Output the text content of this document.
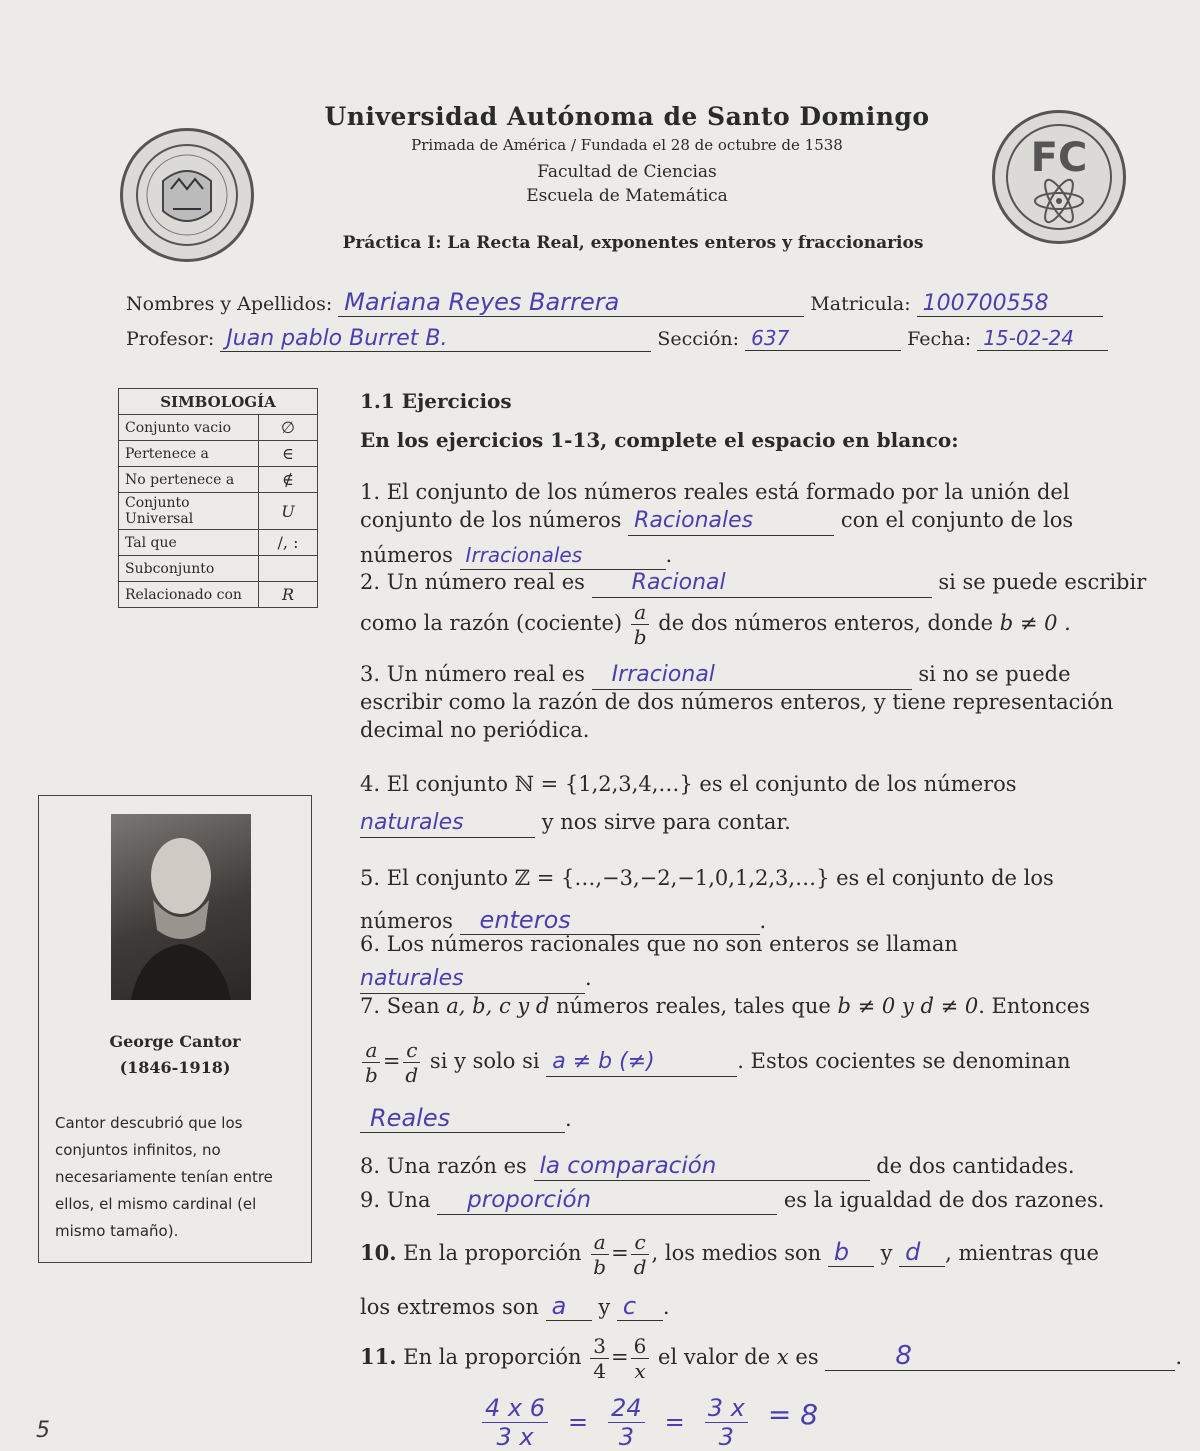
FC
Universidad Autónoma de Santo Domingo
Primada de América / Fundada el 28 de octubre de 1538
Facultad de Ciencias
Escuela de Matemática
Práctica I: La Recta Real, exponentes enteros y fraccionarios
Nombres y Apellidos: Mariana Reyes Barrera	Matricula: 100700558
Profesor: Juan pablo Burret B.	Sección: 637	Fecha: 15-02-24
SIMBOLOGÍA	
Conjunto vacio	∅
Pertenece a	∈
No pertenece a	∉
Conjunto Universal	U
Tal que	/, :
Subconjunto	
Relacionado con	R
George Cantor
(1846-1918)
Cantor descubrió que los conjuntos infinitos, no necesariamente tenían entre ellos, el mismo cardinal (el mismo tamaño).
1.1 Ejercicios
En los ejercicios 1-13, complete el espacio en blanco:
1. El conjunto de los números reales está formado por la unión del
conjunto de los números Racionales	con el conjunto de los
números Irracionales	.
2. Un número real es Racional	si se puede escribir
como la razón (cociente) $\frac{a}{b}$ de dos números enteros, donde b ≠ 0 .
3. Un número real es Irracional	si no se puede
escribir como la razón de dos números enteros, y tiene representación
decimal no periódica.
4. El conjunto ℕ = {1,2,3,4,…} es el conjunto de los números
naturales	y nos sirve para contar.
5. El conjunto ℤ = {…,−3,−2,−1,0,1,2,3,…} es el conjunto de los
números enteros	.
6. Los números racionales que no son enteros se llaman
naturales	.
7. Sean a, b, c y d números reales, tales que b ≠ 0 y d ≠ 0. Entonces
$\frac{a}{b} = \frac{c}{d}$ si y solo si a ≠ b (≠)	. Estos cocientes se denominan
Reales	.
8. Una razón es la comparación	de dos cantidades.
9. Una proporción	es la igualdad de dos razones.
10. En la proporción $\frac{a}{b} = \frac{c}{d}$ , los medios son b y d , mientras que
los extremos son a y c .
11. En la proporción $\frac{3}{4} = \frac{6}{x}$ el valor de x es	8	.
$\frac{4 x 6}{3 x} = \frac{24}{3} = \frac{3 x}{3} = 8$
5
